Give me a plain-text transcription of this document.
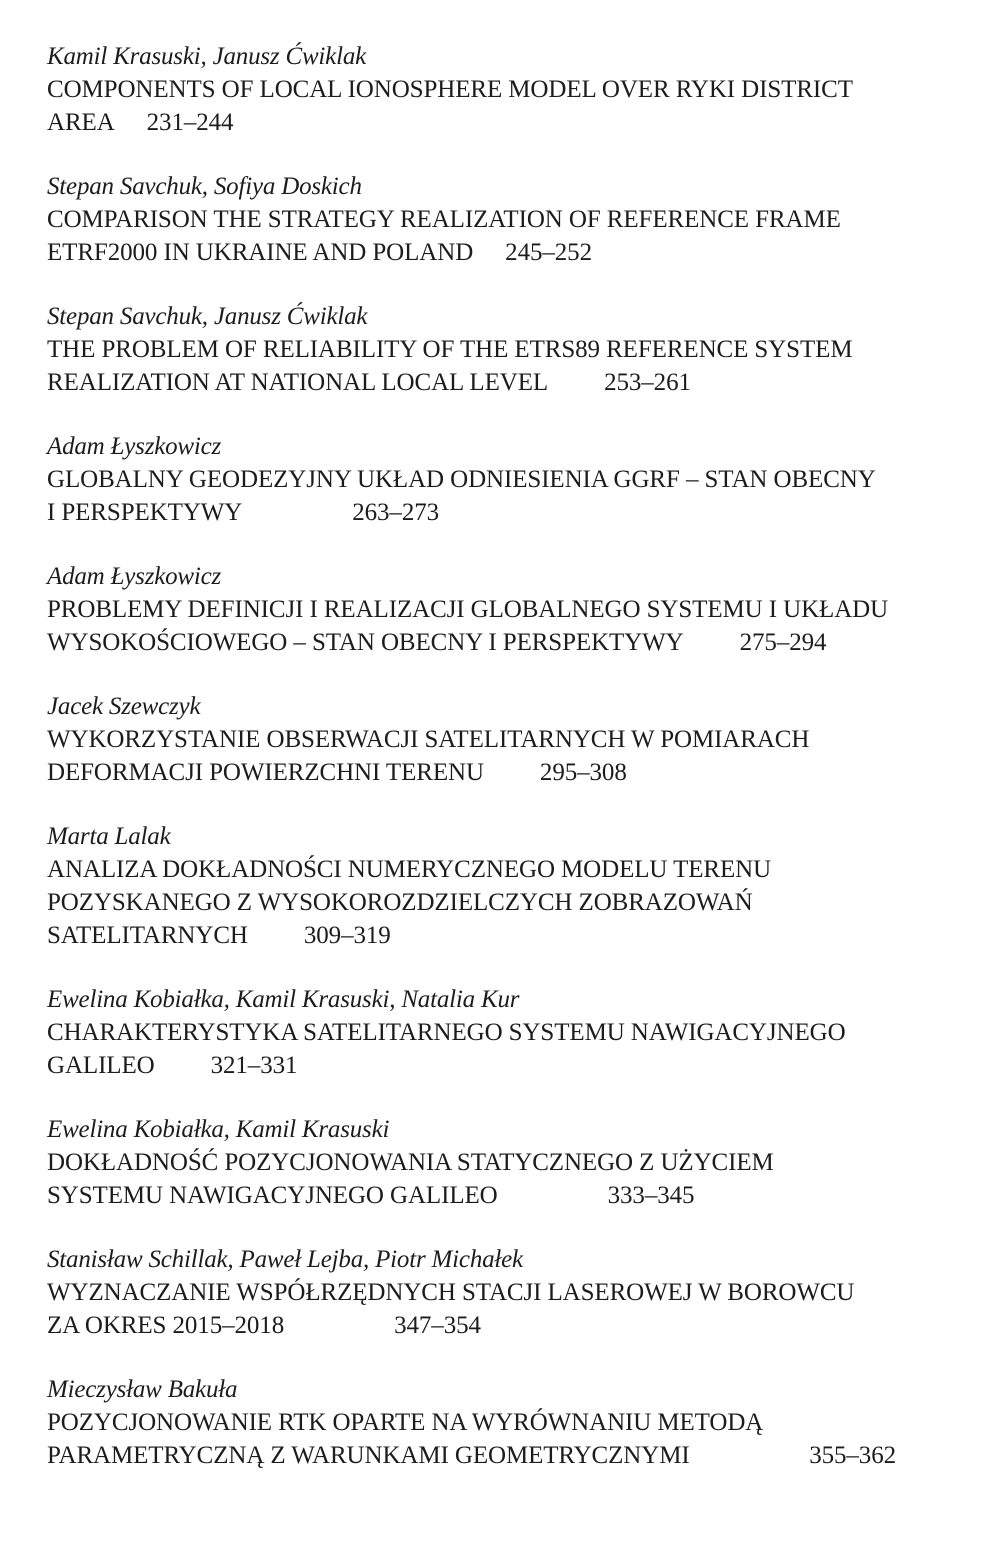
Kamil Krasuski, Janusz Ćwiklak
COMPONENTS OF LOCAL IONOSPHERE MODEL OVER RYKI DISTRICT
AREA 231–244
Stepan Savchuk, Sofiya Doskich
COMPARISON THE STRATEGY REALIZATION OF REFERENCE FRAME
ETRF2000 IN UKRAINE AND POLAND 245–252
Stepan Savchuk, Janusz Ćwiklak
THE PROBLEM OF RELIABILITY OF THE ETRS89 REFERENCE SYSTEM
REALIZATION AT NATIONAL LOCAL LEVEL 253–261
Adam Łyszkowicz
GLOBALNY GEODEZYJNY UKŁAD ODNIESIENIA GGRF – STAN OBECNY
I PERSPEKTYWY	263–273
Adam Łyszkowicz
PROBLEMY DEFINICJI I REALIZACJI GLOBALNEGO SYSTEMU I UKŁADU
WYSOKOŚCIOWEGO – STAN OBECNY I PERSPEKTYWY 275–294
Jacek Szewczyk
WYKORZYSTANIE OBSERWACJI SATELITARNYCH W POMIARACH
DEFORMACJI POWIERZCHNI TERENU 295–308
Marta Lalak
ANALIZA DOKŁADNOŚCI NUMERYCZNEGO MODELU TERENU
POZYSKANEGO Z WYSOKOROZDZIELCZYCH ZOBRAZOWAŃ
SATELITARNYCH 309–319
Ewelina Kobiałka, Kamil Krasuski, Natalia Kur
CHARAKTERYSTYKA SATELITARNEGO SYSTEMU NAWIGACYJNEGO
GALILEO 321–331
Ewelina Kobiałka, Kamil Krasuski
DOKŁADNOŚĆ POZYCJONOWANIA STATYCZNEGO Z UŻYCIEM
SYSTEMU NAWIGACYJNEGO GALILEO	333–345
Stanisław Schillak, Paweł Lejba, Piotr Michałek
WYZNACZANIE WSPÓŁRZĘDNYCH STACJI LASEROWEJ W BOROWCU
ZA OKRES 2015–2018	347–354
Mieczysław Bakuła
POZYCJONOWANIE RTK OPARTE NA WYRÓWNANIU METODĄ
PARAMETRYCZNĄ Z WARUNKAMI GEOMETRYCZNYMI	355–362
